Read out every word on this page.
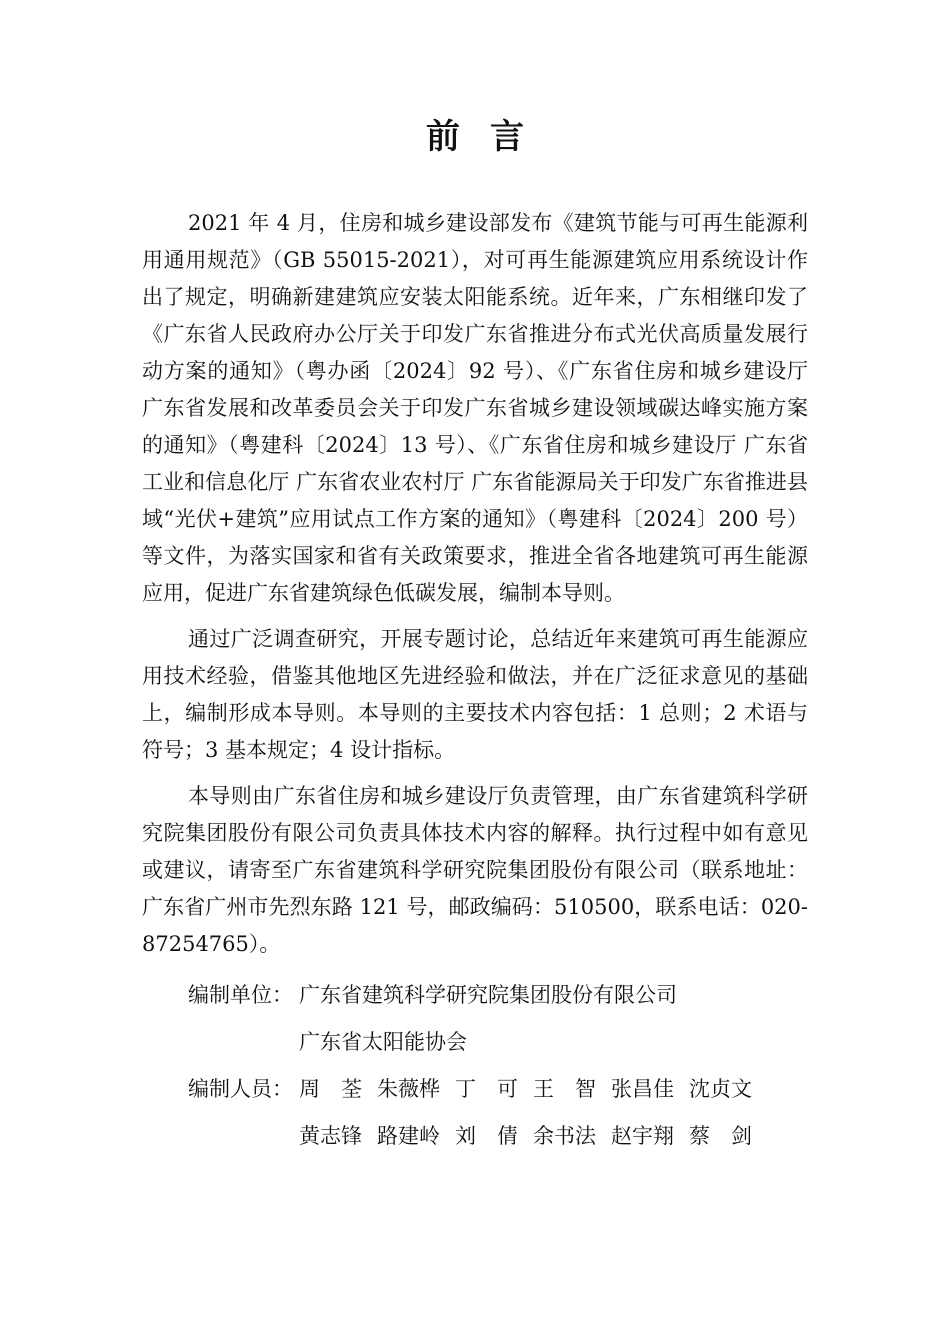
前 言

2021 年 4 月，住房和城乡建设部发布《建筑节能与可再生能源利用通用规范》（GB 55015-2021），对可再生能源建筑应用系统设计作出了规定，明确新建建筑应安装太阳能系统。近年来，广东相继印发了《广东省人民政府办公厅关于印发广东省推进分布式光伏高质量发展行动方案的通知》（粤办函〔2024〕92 号）、《广东省住房和城乡建设厅 广东省发展和改革委员会关于印发广东省城乡建设领域碳达峰实施方案的通知》（粤建科〔2024〕13 号）、《广东省住房和城乡建设厅 广东省工业和信息化厅 广东省农业农村厅 广东省能源局关于印发广东省推进县域“光伏+建筑”应用试点工作方案的通知》（粤建科〔2024〕200 号）等文件，为落实国家和省有关政策要求，推进全省各地建筑可再生能源应用，促进广东省建筑绿色低碳发展，编制本导则。

通过广泛调查研究，开展专题讨论，总结近年来建筑可再生能源应用技术经验，借鉴其他地区先进经验和做法，并在广泛征求意见的基础上，编制形成本导则。本导则的主要技术内容包括：1 总则；2 术语与符号；3 基本规定；4 设计指标。

本导则由广东省住房和城乡建设厅负责管理，由广东省建筑科学研究院集团股份有限公司负责具体技术内容的解释。执行过程中如有意见或建议，请寄至广东省建筑科学研究院集团股份有限公司（联系地址：广东省广州市先烈东路 121 号，邮政编码：510500，联系电话：020-87254765）。

编制单位： 广东省建筑科学研究院集团股份有限公司
广东省太阳能协会
编制人员： 周　荃 朱薇桦 丁　可 王　智 张昌佳 沈贞文
黄志锋 路建岭 刘　倩 余书法 赵宇翔 蔡　剑
